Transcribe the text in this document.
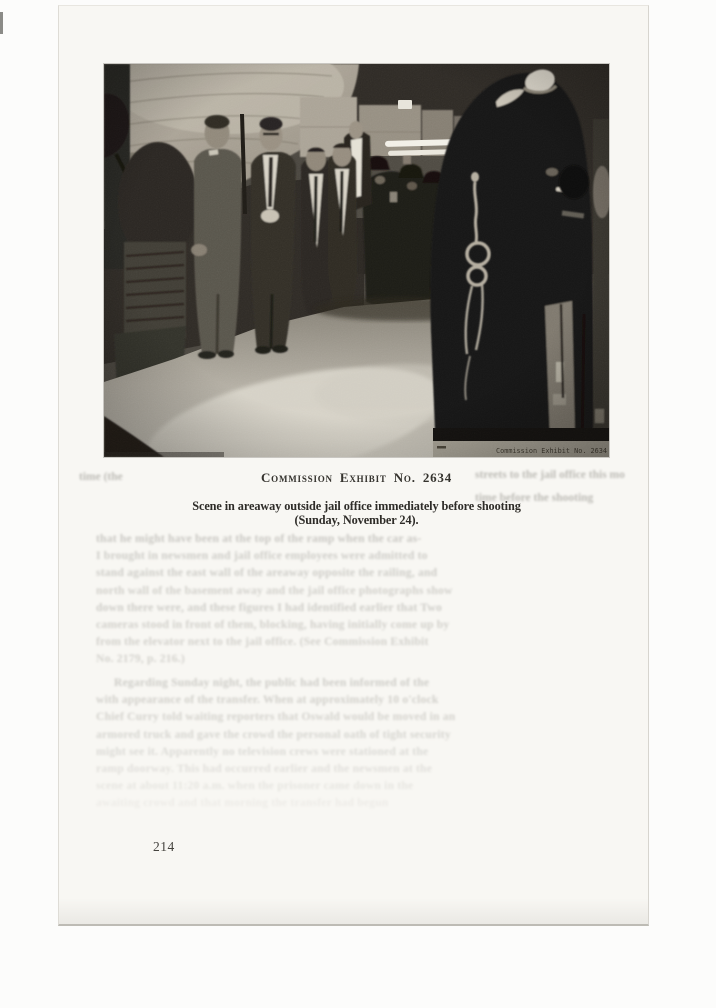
Commission Exhibit No. 2634
Scene in areaway outside jail office immediately before shooting
(Sunday, November 24).
time (the	streets to the jail office this mo
time before the shooting
that he might have been at the top of the ramp when the car as-
I brought in newsmen and jail office employees were admitted to
stand against the east wall of the areaway opposite the railing, and
north wall of the basement away and the jail office photographs show
down there were, and these figures I had identified earlier that Two
cameras stood in front of them, blocking, having initially come up by
from the elevator next to the jail office. (See Commission Exhibit
No. 2179, p. 216.)
Regarding Sunday night, the public had been informed of the
with appearance of the transfer. When at approximately 10 o'clock
Chief Curry told waiting reporters that Oswald would be moved in an
armored truck and gave the crowd the personal oath of tight security
might see it. Apparently no television crews were stationed at the
ramp doorway. This had occurred earlier and the newsmen at the
scene at about 11:20 a.m. when the prisoner came down in the
awaiting crowd and that morning the transfer had begun
214
